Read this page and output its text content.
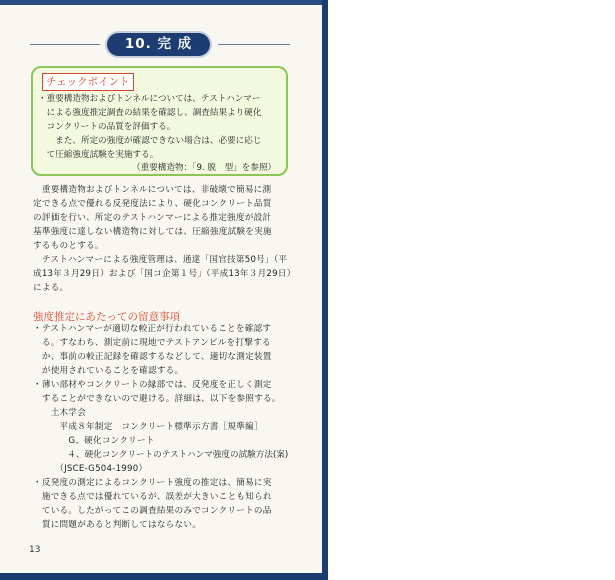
10. 完 成
チェックポイント
・重要構造物およびトンネルについては、テストハンマー
　による強度推定調査の結果を確認し、調査結果より硬化
　コンクリートの品質を評価する。
　　また、所定の強度が確認できない場合は、必要に応じ
　て圧縮強度試験を実施する。
（重要構造物：「9. 脱　型」を参照）
　重要構造物およびトンネルについては、非破壊で簡易に測
定できる点で優れる反発度法により、硬化コンクリート品質
の評価を行い、所定のテストハンマーによる推定強度が設計
基準強度に達しない構造物に対しては、圧縮強度試験を実施
するものとする。
　テストハンマーによる強度管理は、通達「国官技第50号」（平
成13年３月29日）および「国コ企第１号」（平成13年３月29日）
による。
強度推定にあたっての留意事項
・テストハンマーが適切な較正が行われていることを確認す
　る。すなわち、測定前に現地でテストアンビルを打撃する
　か、事前の較正記録を確認するなどして、適切な測定装置
　が使用されていることを確認する。
・薄い部材やコンクリートの縁部では、反発度を正しく測定
　することができないので避ける。詳細は、以下を参照する。
　　土木学会
　　　平成８年制定　コンクリート標準示方書［規準編］
　　　　G、硬化コンクリート
　　　　４、硬化コンクリートのテストハンマ強度の試験方法(案)
　　　（JSCE-G504-1990）
・反発度の測定によるコンクリート強度の推定は、簡易に実
　施できる点では優れているが、誤差が大きいことも知られ
　ている。したがってこの調査結果のみでコンクリートの品
　質に問題があると判断してはならない。
13
